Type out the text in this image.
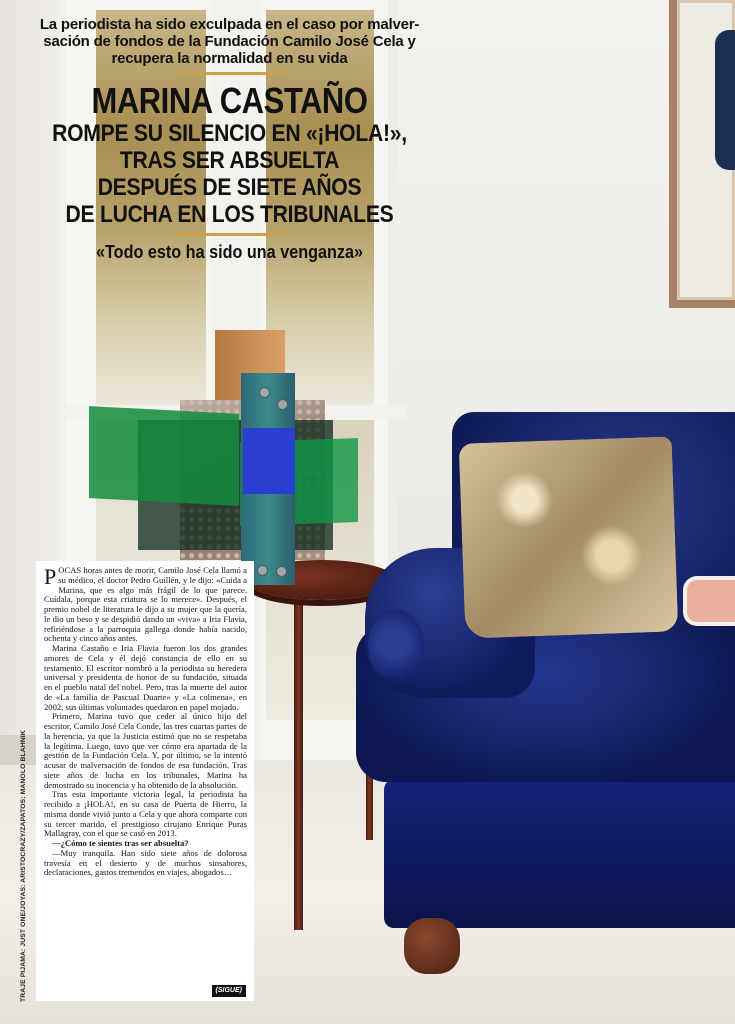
La periodista ha sido exculpada en el caso por malver-
sación de fondos de la Fundación Camilo José Cela y
recupera la normalidad en su vida

MARINA CASTAÑO

ROMPE SU SILENCIO EN «¡HOLA!»,

TRAS SER ABSUELTA

DESPUÉS DE SIETE AÑOS

DE LUCHA EN LOS TRIBUNALES

«Todo esto ha sido una venganza»

POCAS horas antes de morir, Camilo José Cela llamó a su médico, el doctor Pedro Guillén, y le dijo: «Cuida a Marina, que es algo más frágil de lo que parece. Cuídala, porque esta criatura se lo merece». Después, el premio nobel de literatura le dijo a su mujer que la quería, le dio un beso y se despidió dando un «viva» a Iria Flavia, refiriéndose a la parroquia gallega donde había nacido, ochenta y cinco años antes.

Marina Castaño e Iria Flavia fueron los dos grandes amores de Cela y él dejó constancia de ello en su testamento. El escritor nombró a la periodista su heredera universal y presidenta de honor de su fundación, situada en el pueblo natal del nobel. Pero, tras la muerte del autor de «La familia de Pascual Duarte» y «La colmena», en 2002, sus últimas voluntades quedaron en papel mojado.

Primero, Marina tuvo que ceder al único hijo del escritor, Camilo José Cela Conde, las tres cuartas partes de la herencia, ya que la Justicia estimó que no se respetaba la legítima. Luego, tuvo que ver cómo era apartada de la gestión de la Fundación Cela. Y, por último, se la intentó acusar de malversación de fondos de esa fundación. Tras siete años de lucha en los tribunales, Marina ha demostrado su inocencia y ha obtenido de la absolución.

Tras esta importante victoria legal, la periodista ha recibido a ¡HOLA!, en su casa de Puerta de Hierro, la misma donde vivió junto a Cela y que ahora comparte con su tercer marido, el prestigioso cirujano Enrique Puras Mallagray, con el que se casó en 2013.

—¿Cómo te sientes tras ser absuelta?

—Muy tranquila. Han sido siete años de dolorosa travesía en el desierto y de muchos sinsabores, declaraciones, gastos tremendos en viajes, abogados…

(SIGUE)
TRAJE PIJAMA: JUST ONE/JOYAS: ARISTOCRAZY/ZAPATOS: MANOLO BLAHNIK
